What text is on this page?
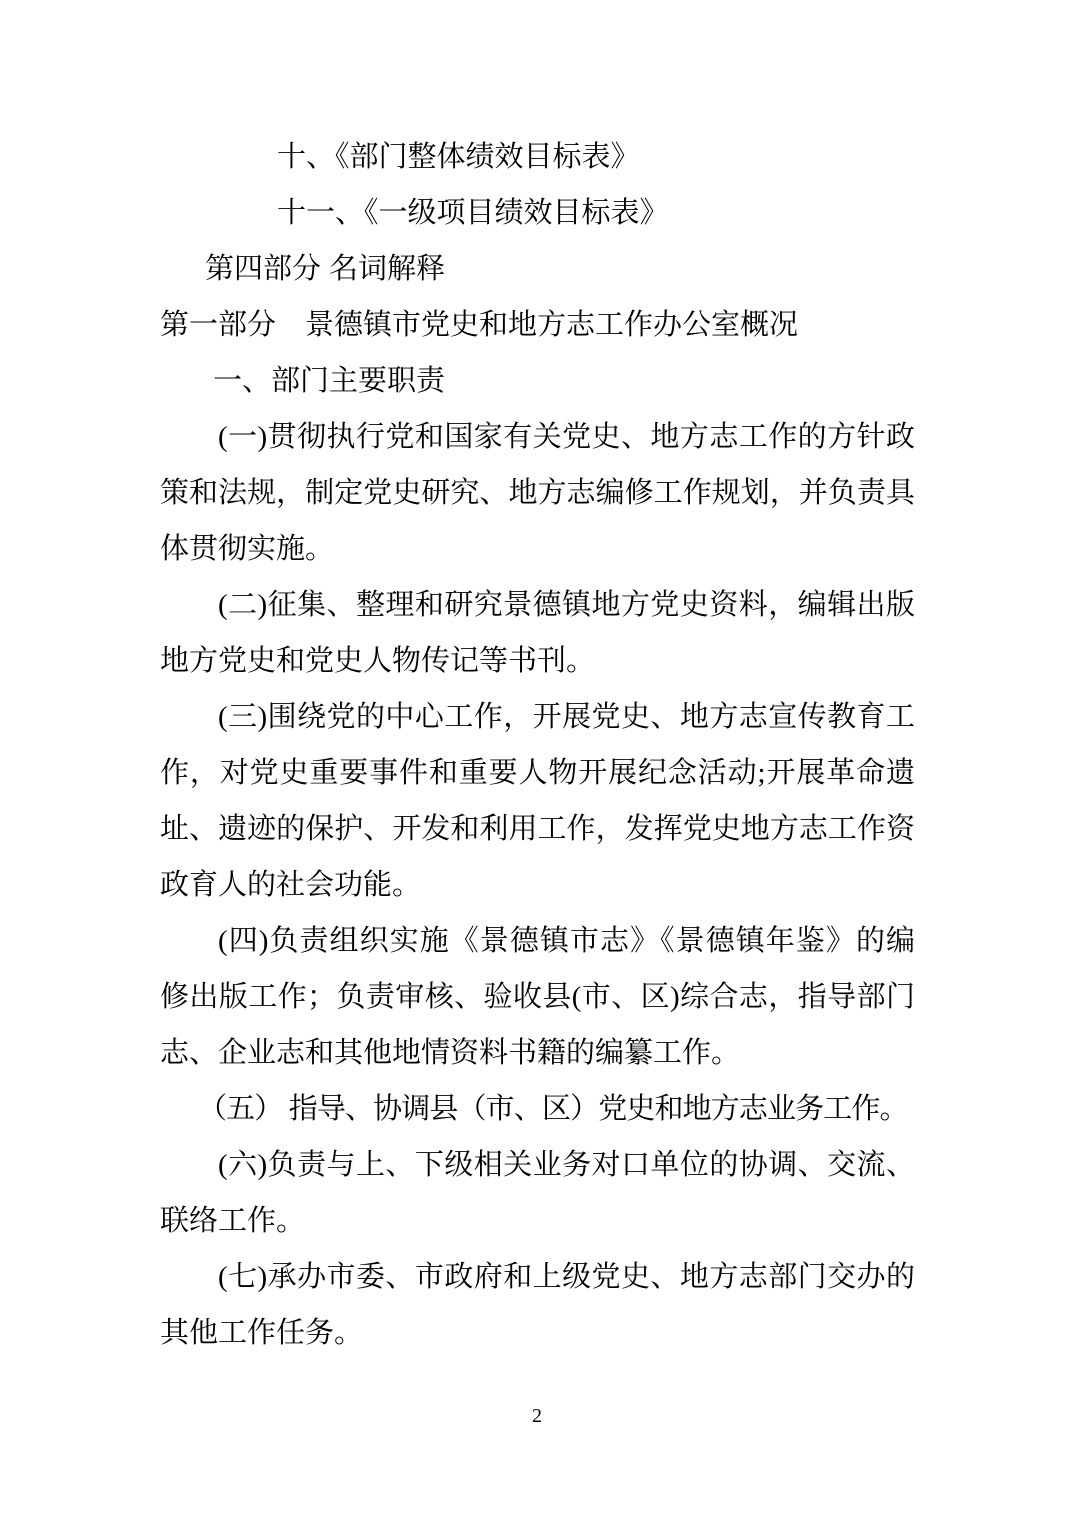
十、《部门整体绩效目标表》

十一、《一级项目绩效目标表》

第四部分 名词解释
第一部分　景德镇市党史和地方志工作办公室概况
一、部门主要职责

(一)贯彻执行党和国家有关党史、地方志工作的方针政策和法规，制定党史研究、地方志编修工作规划，并负责具体贯彻实施。

(二)征集、整理和研究景德镇地方党史资料，编辑出版地方党史和党史人物传记等书刊。

(三)围绕党的中心工作，开展党史、地方志宣传教育工作，对党史重要事件和重要人物开展纪念活动;开展革命遗址、遗迹的保护、开发和利用工作，发挥党史地方志工作资政育人的社会功能。

(四)负责组织实施《景德镇市志》《景德镇年鉴》的编修出版工作；负责审核、验收县(市、区)综合志，指导部门志、企业志和其他地情资料书籍的编纂工作。

（五） 指导、协调县（市、区）党史和地方志业务工作。

(六)负责与上、下级相关业务对口单位的协调、交流、联络工作。

(七)承办市委、市政府和上级党史、地方志部门交办的其他工作任务。

2
